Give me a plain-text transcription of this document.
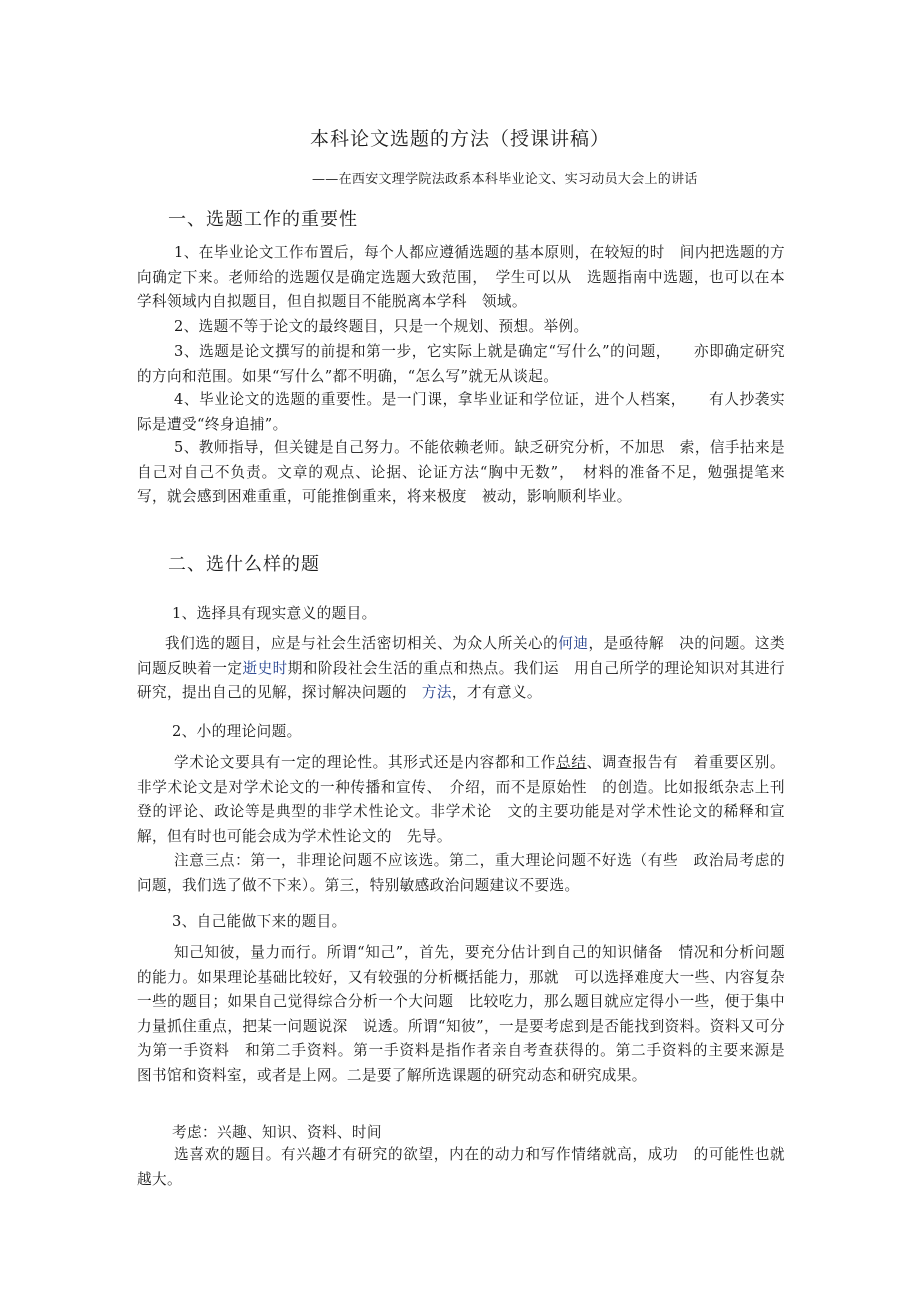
本科论文选题的方法（授课讲稿）
——在西安文理学院法政系本科毕业论文、实习动员大会上的讲话
一、选题工作的重要性
1、在毕业论文工作布置后，每个人都应遵循选题的基本原则，在较短的时　间内把选题的方向确定下来。老师给的选题仅是确定选题大致范围，　学生可以从　选题指南中选题，也可以在本学科领域内自拟题目，但自拟题目不能脱离本学科　领域。
2、选题不等于论文的最终题目，只是一个规划、预想。举例。
3、选题是论文撰写的前提和第一步，它实际上就是确定“写什么”的问题，　　亦即确定研究的方向和范围。如果“写什么”都不明确，“怎么写”就无从谈起。
4、毕业论文的选题的重要性。是一门课，拿毕业证和学位证，进个人档案，　　有人抄袭实际是遭受“终身追捕”。
5、教师指导，但关键是自己努力。不能依赖老师。缺乏研究分析，不加思　索，信手拈来是自己对自己不负责。文章的观点、论据、论证方法“胸中无数”，　材料的准备不足，勉强提笔来写，就会感到困难重重，可能推倒重来，将来极度　被动，影响顺利毕业。
二、选什么样的题
1、选择具有现实意义的题目。
我们选的题目，应是与社会生活密切相关、为众人所关心的何迪，是亟待解　决的问题。这类问题反映着一定逝史时期和阶段社会生活的重点和热点。我们运　用自己所学的理论知识对其进行研究，提出自己的见解，探讨解决问题的　方法，才有意义。
2、小的理论问题。
学术论文要具有一定的理论性。其形式还是内容都和工作总结、调查报告有　着重要区别。非学术论文是对学术论文的一种传播和宣传、　介绍，而不是原始性　的创造。比如报纸杂志上刊登的评论、政论等是典型的非学术性论文。非学术论　文的主要功能是对学术性论文的稀释和宣解，但有时也可能会成为学术性论文的　先导。
注意三点：第一，非理论问题不应该选。第二，重大理论问题不好选（有些　政治局考虑的问题，我们选了做不下来）。第三，特别敏感政治问题建议不要选。
3、自己能做下来的题目。
知己知彼，量力而行。所谓“知己”，首先，要充分估计到自己的知识储备　情况和分析问题的能力。如果理论基础比较好，又有较强的分析概括能力，那就　可以选择难度大一些、内容复杂一些的题目；如果自己觉得综合分析一个大问题　比较吃力，那么题目就应定得小一些，便于集中力量抓住重点，把某一问题说深　说透。所谓“知彼”，一是要考虑到是否能找到资料。资料又可分为第一手资料　和第二手资料。第一手资料是指作者亲自考查获得的。第二手资料的主要来源是　图书馆和资料室，或者是上网。二是要了解所选课题的研究动态和研究成果。
考虑：兴趣、知识、资料、时间
选喜欢的题目。有兴趣才有研究的欲望，内在的动力和写作情绪就高，成功　的可能性也就越大。
